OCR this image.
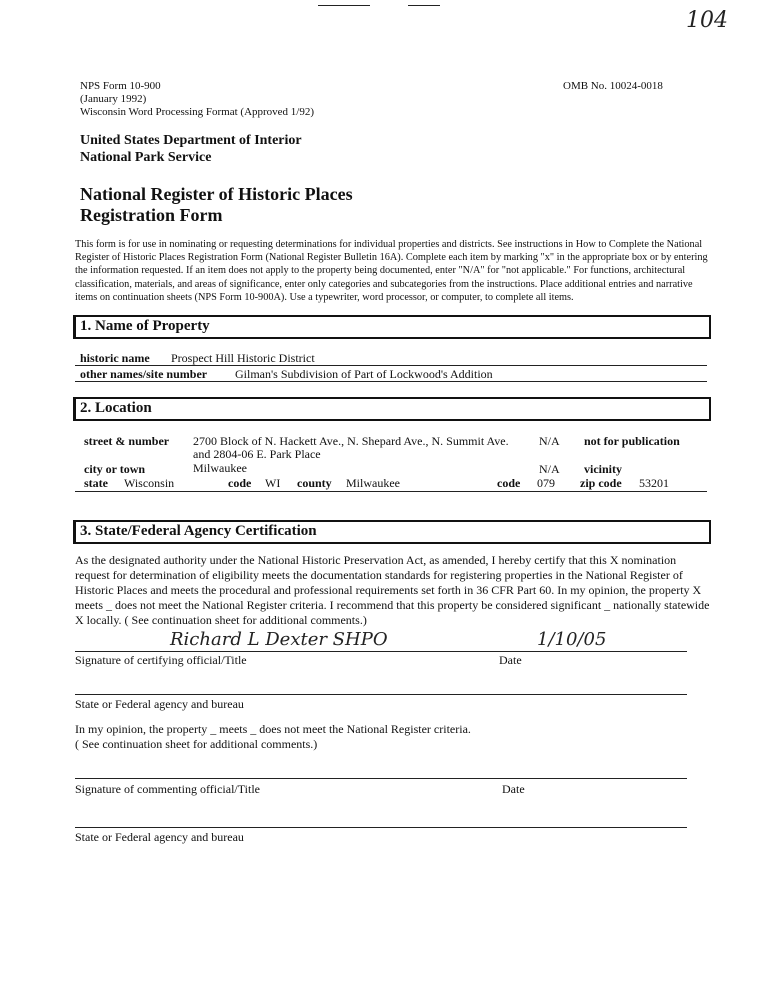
104
NPS Form 10-900
(January 1992)
Wisconsin Word Processing Format (Approved 1/92)
OMB No. 10024-0018
United States Department of Interior
National Park Service
National Register of Historic Places
Registration Form
This form is for use in nominating or requesting determinations for individual properties and districts. See instructions in How to Complete the National Register of Historic Places Registration Form (National Register Bulletin 16A). Complete each item by marking "x" in the appropriate box or by entering the information requested. If an item does not apply to the property being documented, enter "N/A" for "not applicable." For functions, architectural classification, materials, and areas of significance, enter only categories and subcategories from the instructions. Place additional entries and narrative items on continuation sheets (NPS Form 10-900A). Use a typewriter, word processor, or computer, to complete all items.
1. Name of Property
historic name Prospect Hill Historic District
other names/site number Gilman's Subdivision of Part of Lockwood's Addition
2. Location
street & number 2700 Block of N. Hackett Ave., N. Shepard Ave., N. Summit Ave.
and 2804-06 E. Park Place
N/A not for publication
city or town	Milwaukee	N/A vicinity
state Wisconsin	code WI county Milwaukee	code 079 zip code 53201
3. State/Federal Agency Certification
As the designated authority under the National Historic Preservation Act, as amended, I hereby certify that this X nomination request for determination of eligibility meets the documentation standards for registering properties in the National Register of Historic Places and meets the procedural and professional requirements set forth in 36 CFR Part 60. In my opinion, the property X meets _ does not meet the National Register criteria. I recommend that this property be considered significant _ nationally statewide X locally. ( See continuation sheet for additional comments.)
Richard L Dexter SHPO	1/10/05
Signature of certifying official/Title	Date
State or Federal agency and bureau
In my opinion, the property _ meets _ does not meet the National Register criteria.
( See continuation sheet for additional comments.)
Signature of commenting official/Title	Date
State or Federal agency and bureau
